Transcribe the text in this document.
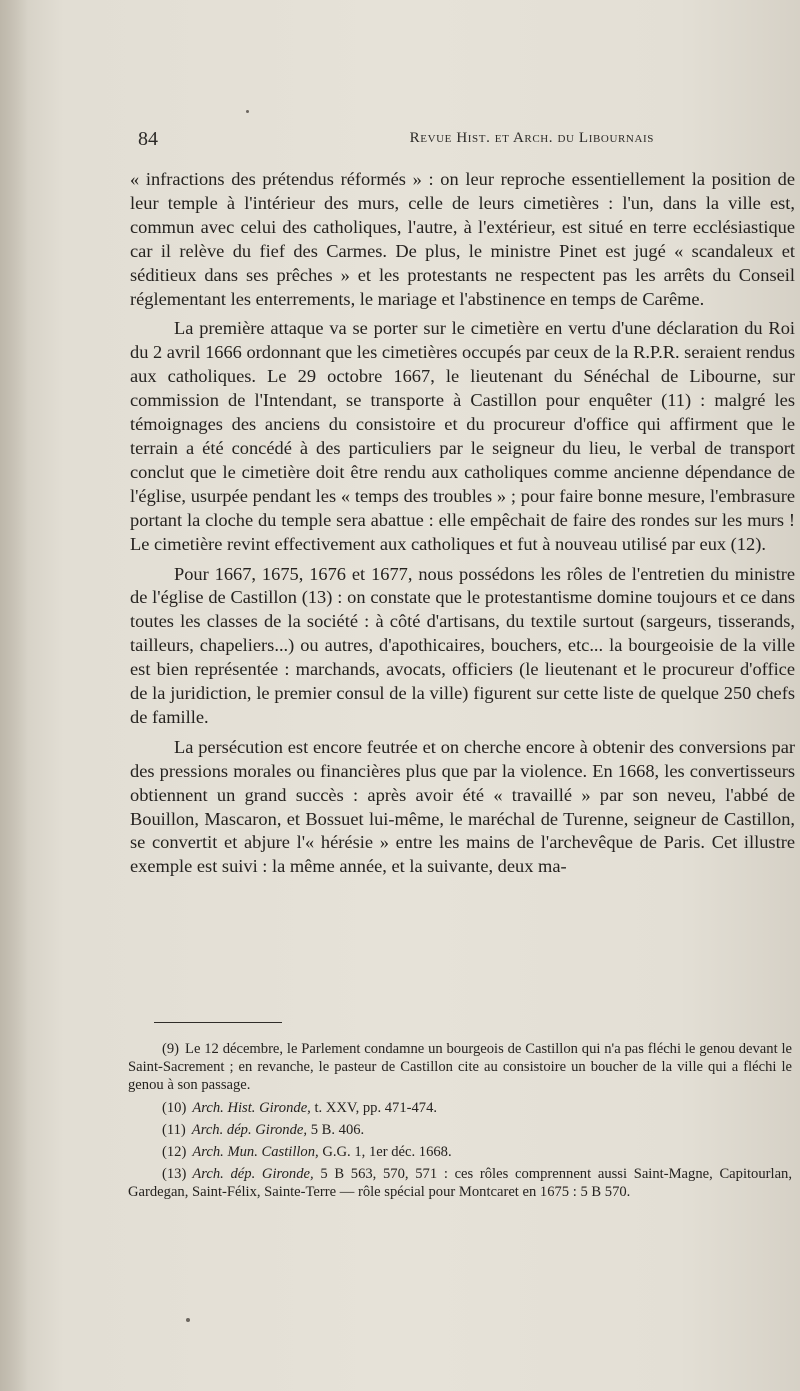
84	Revue Hist. et Arch. du Libournais

« infractions des prétendus réformés » : on leur reproche essentiellement la position de leur temple à l'intérieur des murs, celle de leurs cimetières : l'un, dans la ville est, commun avec celui des catholiques, l'autre, à l'extérieur, est situé en terre ecclésiastique car il relève du fief des Carmes. De plus, le ministre Pinet est jugé « scandaleux et séditieux dans ses prêches » et les protestants ne respectent pas les arrêts du Conseil réglementant les enterrements, le mariage et l'abstinence en temps de Carême.

La première attaque va se porter sur le cimetière en vertu d'une déclaration du Roi du 2 avril 1666 ordonnant que les cimetières occupés par ceux de la R.P.R. seraient rendus aux catholiques. Le 29 octobre 1667, le lieutenant du Sénéchal de Libourne, sur commission de l'Intendant, se transporte à Castillon pour enquêter (11) : malgré les témoignages des anciens du consistoire et du procureur d'office qui affirment que le terrain a été concédé à des particuliers par le seigneur du lieu, le verbal de transport conclut que le cimetière doit être rendu aux catholiques comme ancienne dépendance de l'église, usurpée pendant les « temps des troubles » ; pour faire bonne mesure, l'embrasure portant la cloche du temple sera abattue : elle empêchait de faire des rondes sur les murs ! Le cimetière revint effectivement aux catholiques et fut à nouveau utilisé par eux (12).

Pour 1667, 1675, 1676 et 1677, nous possédons les rôles de l'entretien du ministre de l'église de Castillon (13) : on constate que le protestantisme domine toujours et ce dans toutes les classes de la société : à côté d'artisans, du textile surtout (sargeurs, tisserands, tailleurs, chapeliers...) ou autres, d'apothicaires, bouchers, etc... la bourgeoisie de la ville est bien représentée : marchands, avocats, officiers (le lieutenant et le procureur d'office de la juridiction, le premier consul de la ville) figurent sur cette liste de quelque 250 chefs de famille.

La persécution est encore feutrée et on cherche encore à obtenir des conversions par des pressions morales ou financières plus que par la violence. En 1668, les convertisseurs obtiennent un grand succès : après avoir été « travaillé » par son neveu, l'abbé de Bouillon, Mascaron, et Bossuet lui-même, le maréchal de Turenne, seigneur de Castillon, se convertit et abjure l'« hérésie » entre les mains de l'archevêque de Paris. Cet illustre exemple est suivi : la même année, et la suivante, deux ma-

(9) Le 12 décembre, le Parlement condamne un bourgeois de Castillon qui n'a pas fléchi le genou devant le Saint-Sacrement ; en revanche, le pasteur de Castillon cite au consistoire un boucher de la ville qui a fléchi le genou à son passage.

(10) Arch. Hist. Gironde, t. XXV, pp. 471-474.

(11) Arch. dép. Gironde, 5 B. 406.

(12) Arch. Mun. Castillon, G.G. 1, 1er déc. 1668.

(13) Arch. dép. Gironde, 5 B 563, 570, 571 : ces rôles comprennent aussi Saint-Magne, Capitourlan, Gardegan, Saint-Félix, Sainte-Terre — rôle spécial pour Montcaret en 1675 : 5 B 570.
